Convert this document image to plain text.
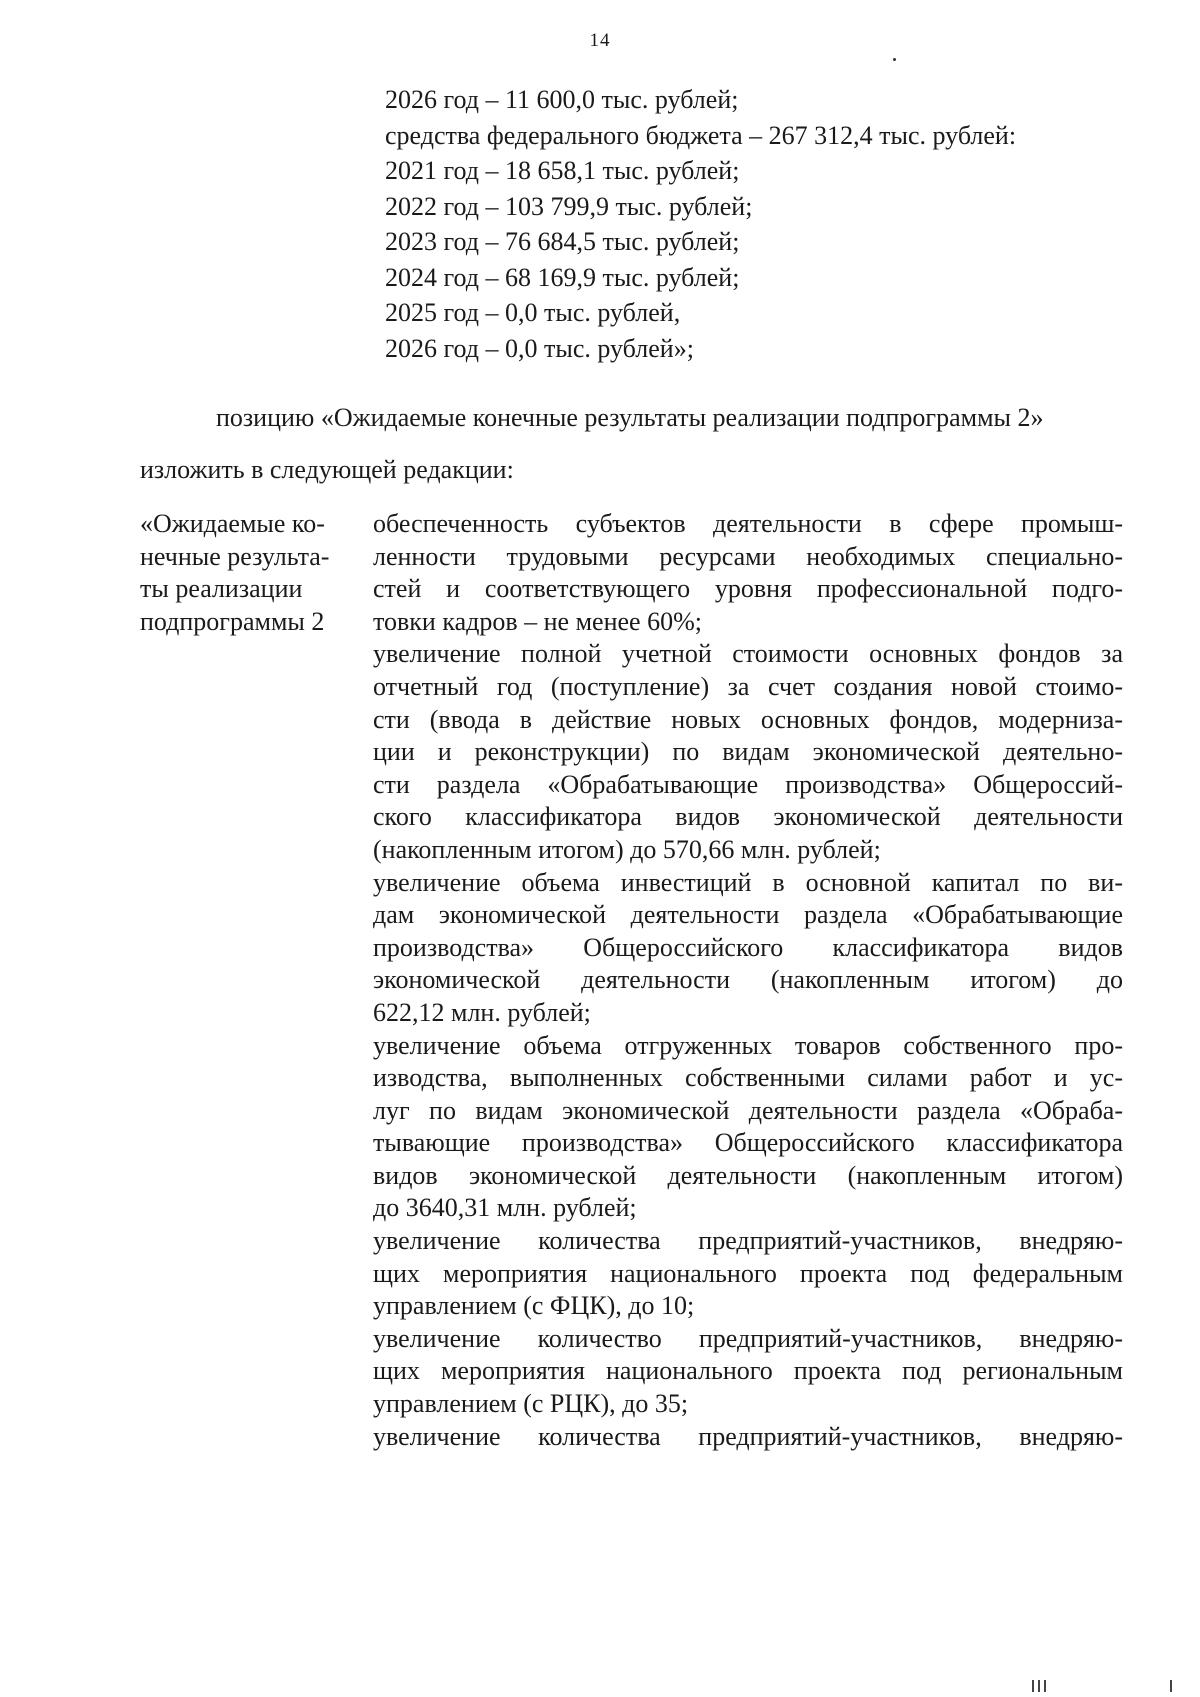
14
2026 год – 11 600,0 тыс. рублей;
средства федерального бюджета – 267 312,4 тыс. рублей:
2021 год – 18 658,1 тыс. рублей;
2022 год – 103 799,9 тыс. рублей;
2023 год – 76 684,5 тыс. рублей;
2024 год – 68 169,9 тыс. рублей;
2025 год – 0,0 тыс. рублей,
2026 год – 0,0 тыс. рублей»;
позицию «Ожидаемые конечные результаты реализации подпрограммы 2»
изложить в следующей редакции:
«Ожидаемые ко-
нечные результа-
ты реализации
подпрограммы 2
обеспеченность субъектов деятельности в сфере промыш-
ленности трудовыми ресурсами необходимых специально-
стей и соответствующего уровня профессиональной подго-
товки кадров – не менее 60%;
увеличение полной учетной стоимости основных фондов за
отчетный год (поступление) за счет создания новой стоимо-
сти (ввода в действие новых основных фондов, модерниза-
ции и реконструкции) по видам экономической деятельно-
сти раздела «Обрабатывающие производства» Общероссий-
ского классификатора видов экономической деятельности
(накопленным итогом) до 570,66 млн. рублей;
увеличение объема инвестиций в основной капитал по ви-
дам экономической деятельности раздела «Обрабатывающие
производства» Общероссийского классификатора видов
экономической деятельности (накопленным итогом) до
622,12 млн. рублей;
увеличение объема отгруженных товаров собственного про-
изводства, выполненных собственными силами работ и ус-
луг по видам экономической деятельности раздела «Обраба-
тывающие производства» Общероссийского классификатора
видов экономической деятельности (накопленным итогом)
до 3640,31 млн. рублей;
увеличение количества предприятий-участников, внедряю-
щих мероприятия национального проекта под федеральным
управлением (с ФЦК), до 10;
увеличение количество предприятий-участников, внедряю-
щих мероприятия национального проекта под региональным
управлением (с РЦК), до 35;
увеличение количества предприятий-участников, внедряю-
